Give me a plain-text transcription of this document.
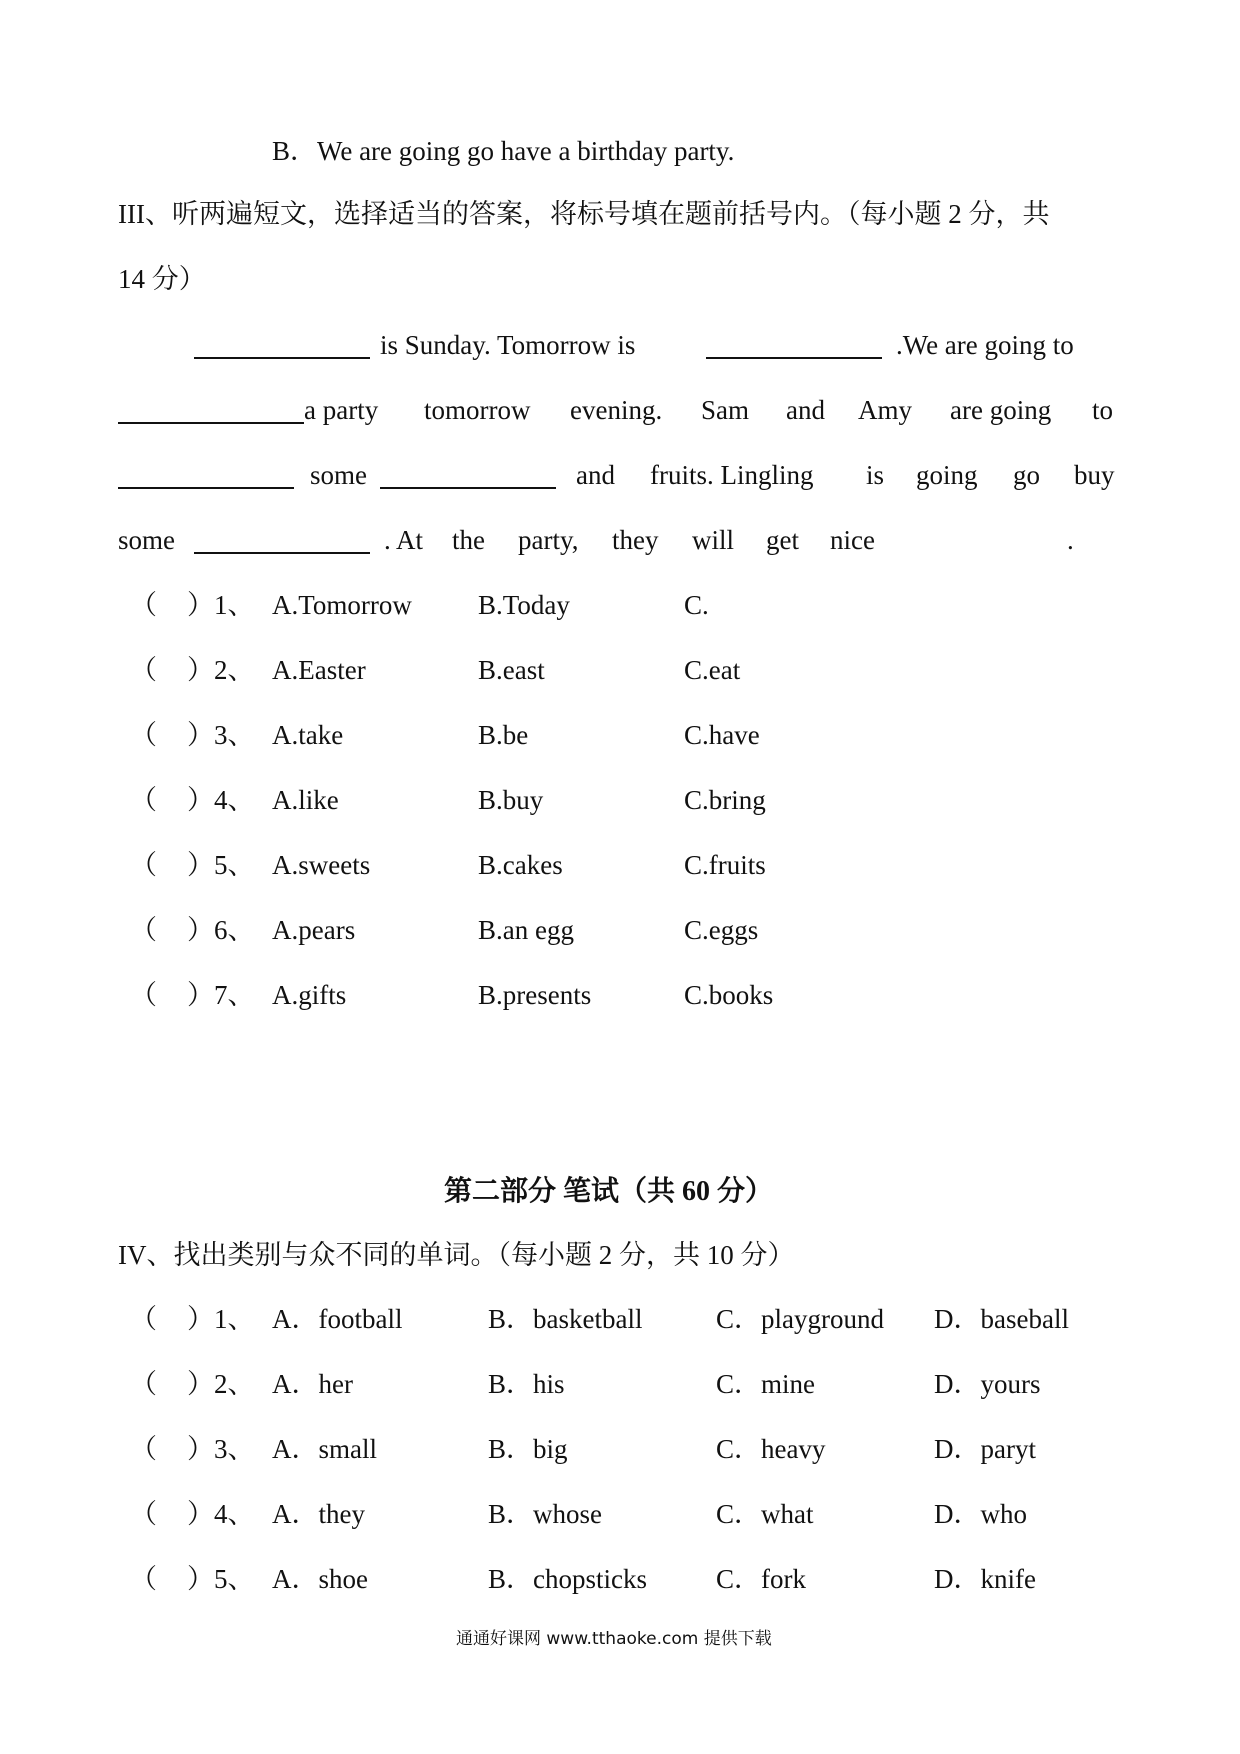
B．We are going go have a birthday party.
III、听两遍短文，选择适当的答案，将标号填在题前括号内。（每小题 2 分，共
14 分）
is Sunday. Tomorrow is	.We are going to
a party tomorrow evening. Sam and Amy are going to
some	and fruits. Lingling is going go buy
some	. At the party, they will get nice	.
第二部分 笔试（共 60 分）
IV、找出类别与众不同的单词。（每小题 2 分，共 10 分）
通通好课网 www.tthaoke.com 提供下载
（ ）1、 A.Tomorrow B.Today	C.
（ ）2、 A.Easter	B.east	C.eat
（ ）3、 A.take	B.be	C.have
（ ）4、 A.like	B.buy	C.bring
（ ）5、 A.sweets	B.cakes	C.fruits
（ ）6、 A.pears	B.an egg	C.eggs
（ ）7、 A.gifts	B.presents	C.books
（ ）1、 A．football	B．basketball	C．playground D．baseball
（ ）2、 A．her	B．his	C．mine	D．yours
（ ）3、 A．small	B．big	C．heavy	D．paryt
（ ）4、 A．they	B．whose	C．what	D．who
（ ）5、 A．shoe	B．chopsticks	C．fork	D．knife
